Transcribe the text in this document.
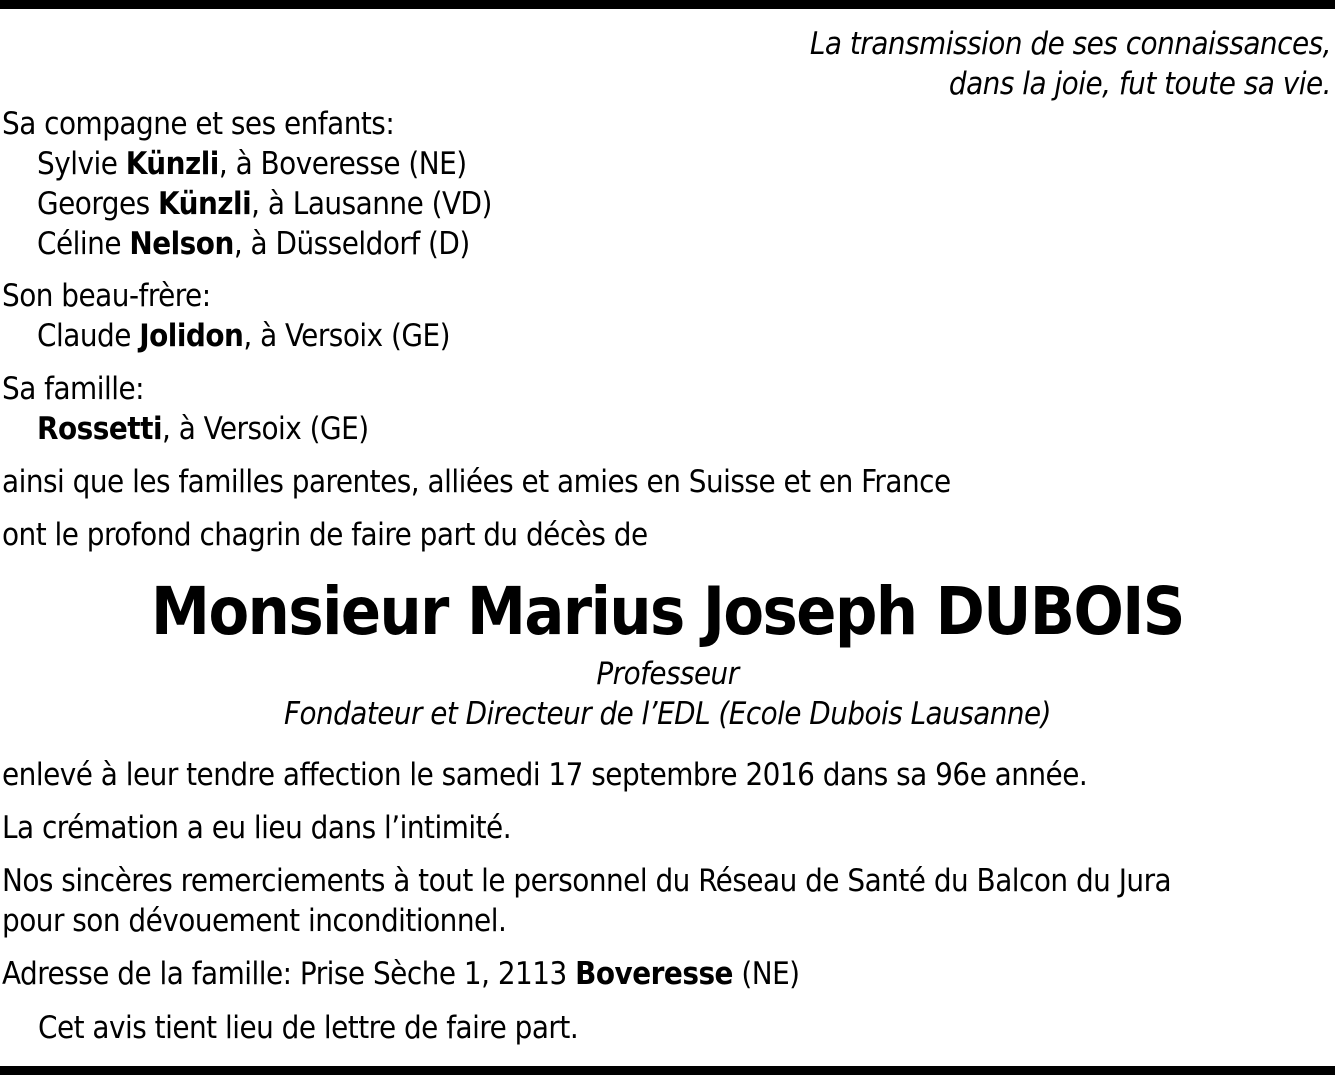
La transmission de ses connaissances,
dans la joie, fut toute sa vie.
Sa compagne et ses enfants:
Sylvie Künzli, à Boveresse (NE)
Georges Künzli, à Lausanne (VD)
Céline Nelson, à Düsseldorf (D)
Son beau-frère:
Claude Jolidon, à Versoix (GE)
Sa famille:
Rossetti, à Versoix (GE)
ainsi que les familles parentes, alliées et amies en Suisse et en France
ont le profond chagrin de faire part du décès de
Monsieur Marius Joseph DUBOIS
Professeur
Fondateur et Directeur de l’EDL (Ecole Dubois Lausanne)
enlevé à leur tendre affection le samedi 17 septembre 2016 dans sa 96e année.
La crémation a eu lieu dans l’intimité.
Nos sincères remerciements à tout le personnel du Réseau de Santé du Balcon du Jura
pour son dévouement inconditionnel.
Adresse de la famille: Prise Sèche 1, 2113 Boveresse (NE)
Cet avis tient lieu de lettre de faire part.
